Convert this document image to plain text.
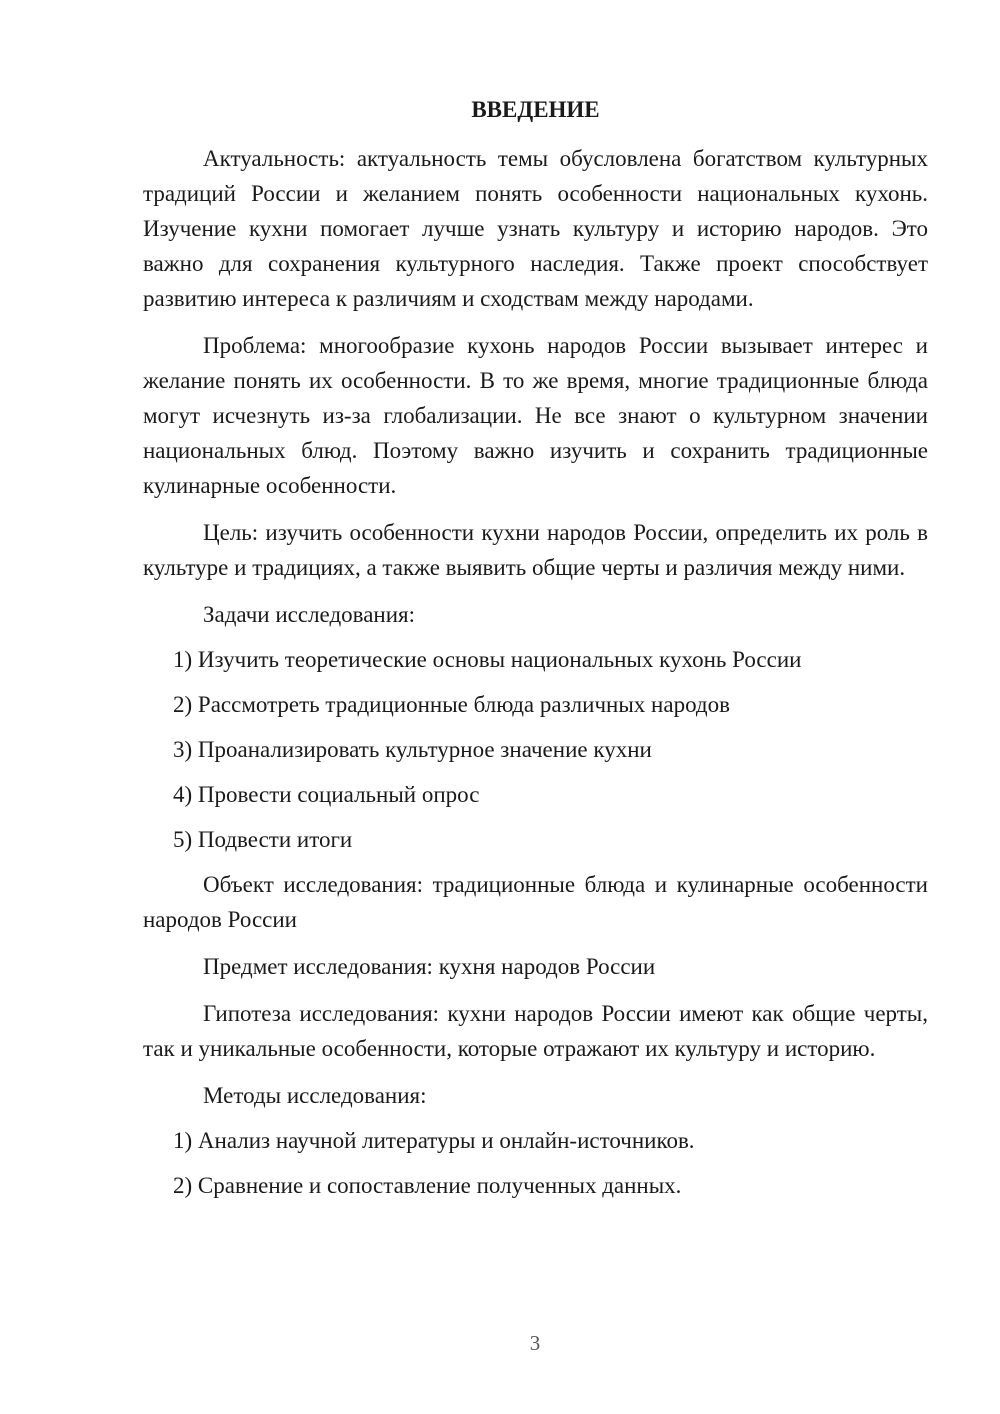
ВВЕДЕНИЕ

Актуальность: актуальность темы обусловлена богатством культурных традиций России и желанием понять особенности национальных кухонь. Изучение кухни помогает лучше узнать культуру и историю народов. Это важно для сохранения культурного наследия. Также проект способствует развитию интереса к различиям и сходствам между народами.

Проблема: многообразие кухонь народов России вызывает интерес и желание понять их особенности. В то же время, многие традиционные блюда могут исчезнуть из-за глобализации. Не все знают о культурном значении национальных блюд. Поэтому важно изучить и сохранить традиционные кулинарные особенности.

Цель: изучить особенности кухни народов России, определить их роль в культуре и традициях, а также выявить общие черты и различия между ними.

Задачи исследования:
1) Изучить теоретические основы национальных кухонь России
2) Рассмотреть традиционные блюда различных народов
3) Проанализировать культурное значение кухни
4) Провести социальный опрос
5) Подвести итоги

Объект исследования: традиционные блюда и кулинарные особенности народов России

Предмет исследования: кухня народов России

Гипотеза исследования: кухни народов России имеют как общие черты, так и уникальные особенности, которые отражают их культуру и историю.

Методы исследования:
1) Анализ научной литературы и онлайн-источников.
2) Сравнение и сопоставление полученных данных.
3
